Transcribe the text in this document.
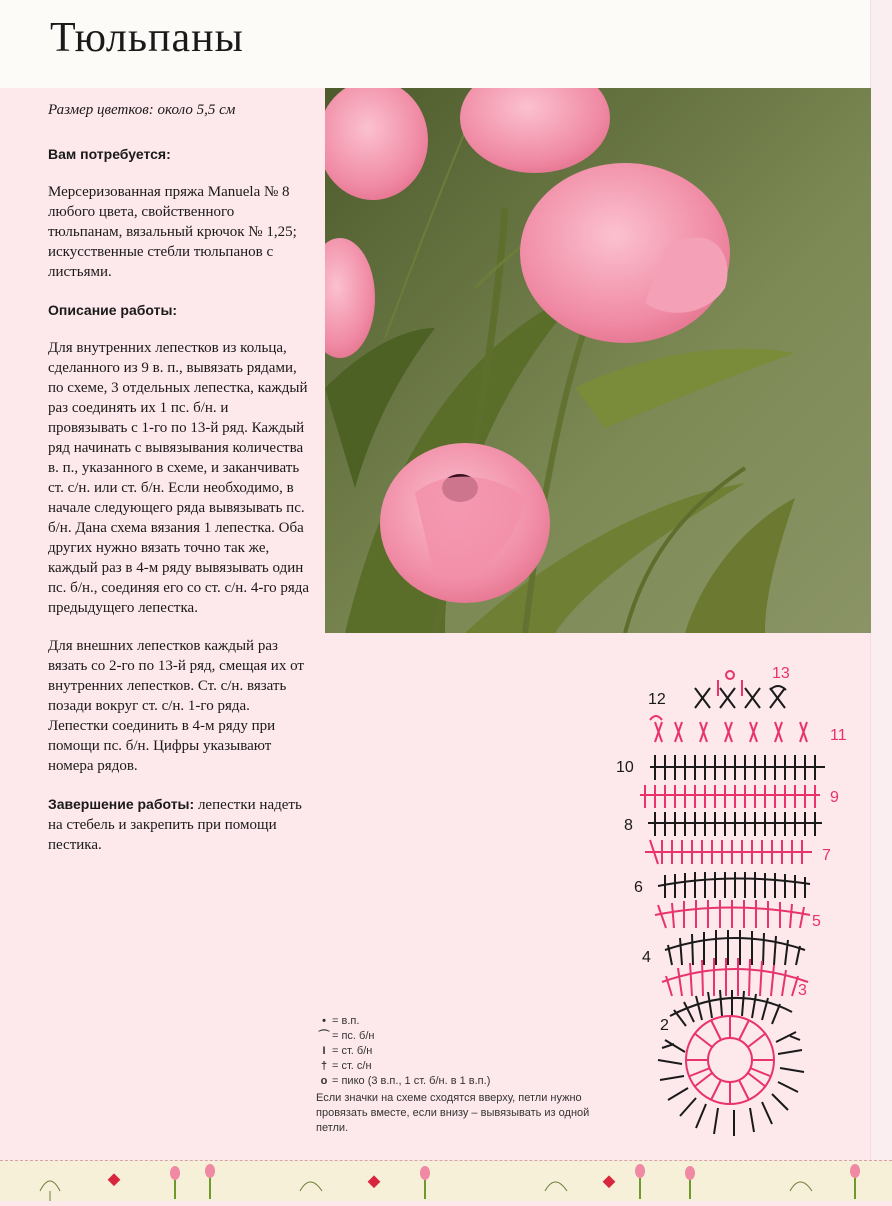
Тюльпаны

Размер цветков: около 5,5 см

Вам потребуется:

Мерсеризованная пряжа Manuela № 8 любого цвета, свойственного тюльпанам, вязальный крючок № 1,25; искусственные стебли тюльпанов с листьями.

Описание работы:

Для внутренних лепестков из кольца, сделанного из 9 в. п., вывязать рядами, по схеме, 3 отдельных лепестка, каждый раз соединять их 1 пс. б/н. и провязывать с 1-го по 13-й ряд. Каждый ряд начинать с вывязывания количества в. п., указанного в схеме, и заканчивать ст. с/н. или ст. б/н. Если необходимо, в начале следующего ряда вывязывать пс. б/н. Дана схема вязания 1 лепестка. Оба других нужно вязать точно так же, каждый раз в 4-м ряду вывязывать один пс. б/н., соединяя его со ст. с/н. 4-го ряда предыдущего лепестка.

Для внешних лепестков каждый раз вязать со 2-го по 13-й ряд, смещая их от внутренних лепестков. Ст. с/н. вязать позади вокруг ст. с/н. 1-го ряда. Лепестки соединить в 4-м ряду при помощи пс. б/н. Цифры указывают номера рядов.

Завершение работы: лепестки надеть на стебель и закрепить при помощи пестика.

2
3
4
5
6
7
8
9
10
11
12
13
• = в.п.
⌒ = пс. б/н
I = ст. б/н
† = ст. с/н
o = пико (3 в.п., 1 ст. б/н. в 1 в.п.)
Если значки на схеме сходятся вверху, петли нужно провязать вместе, если внизу – вывязывать из одной петли.
